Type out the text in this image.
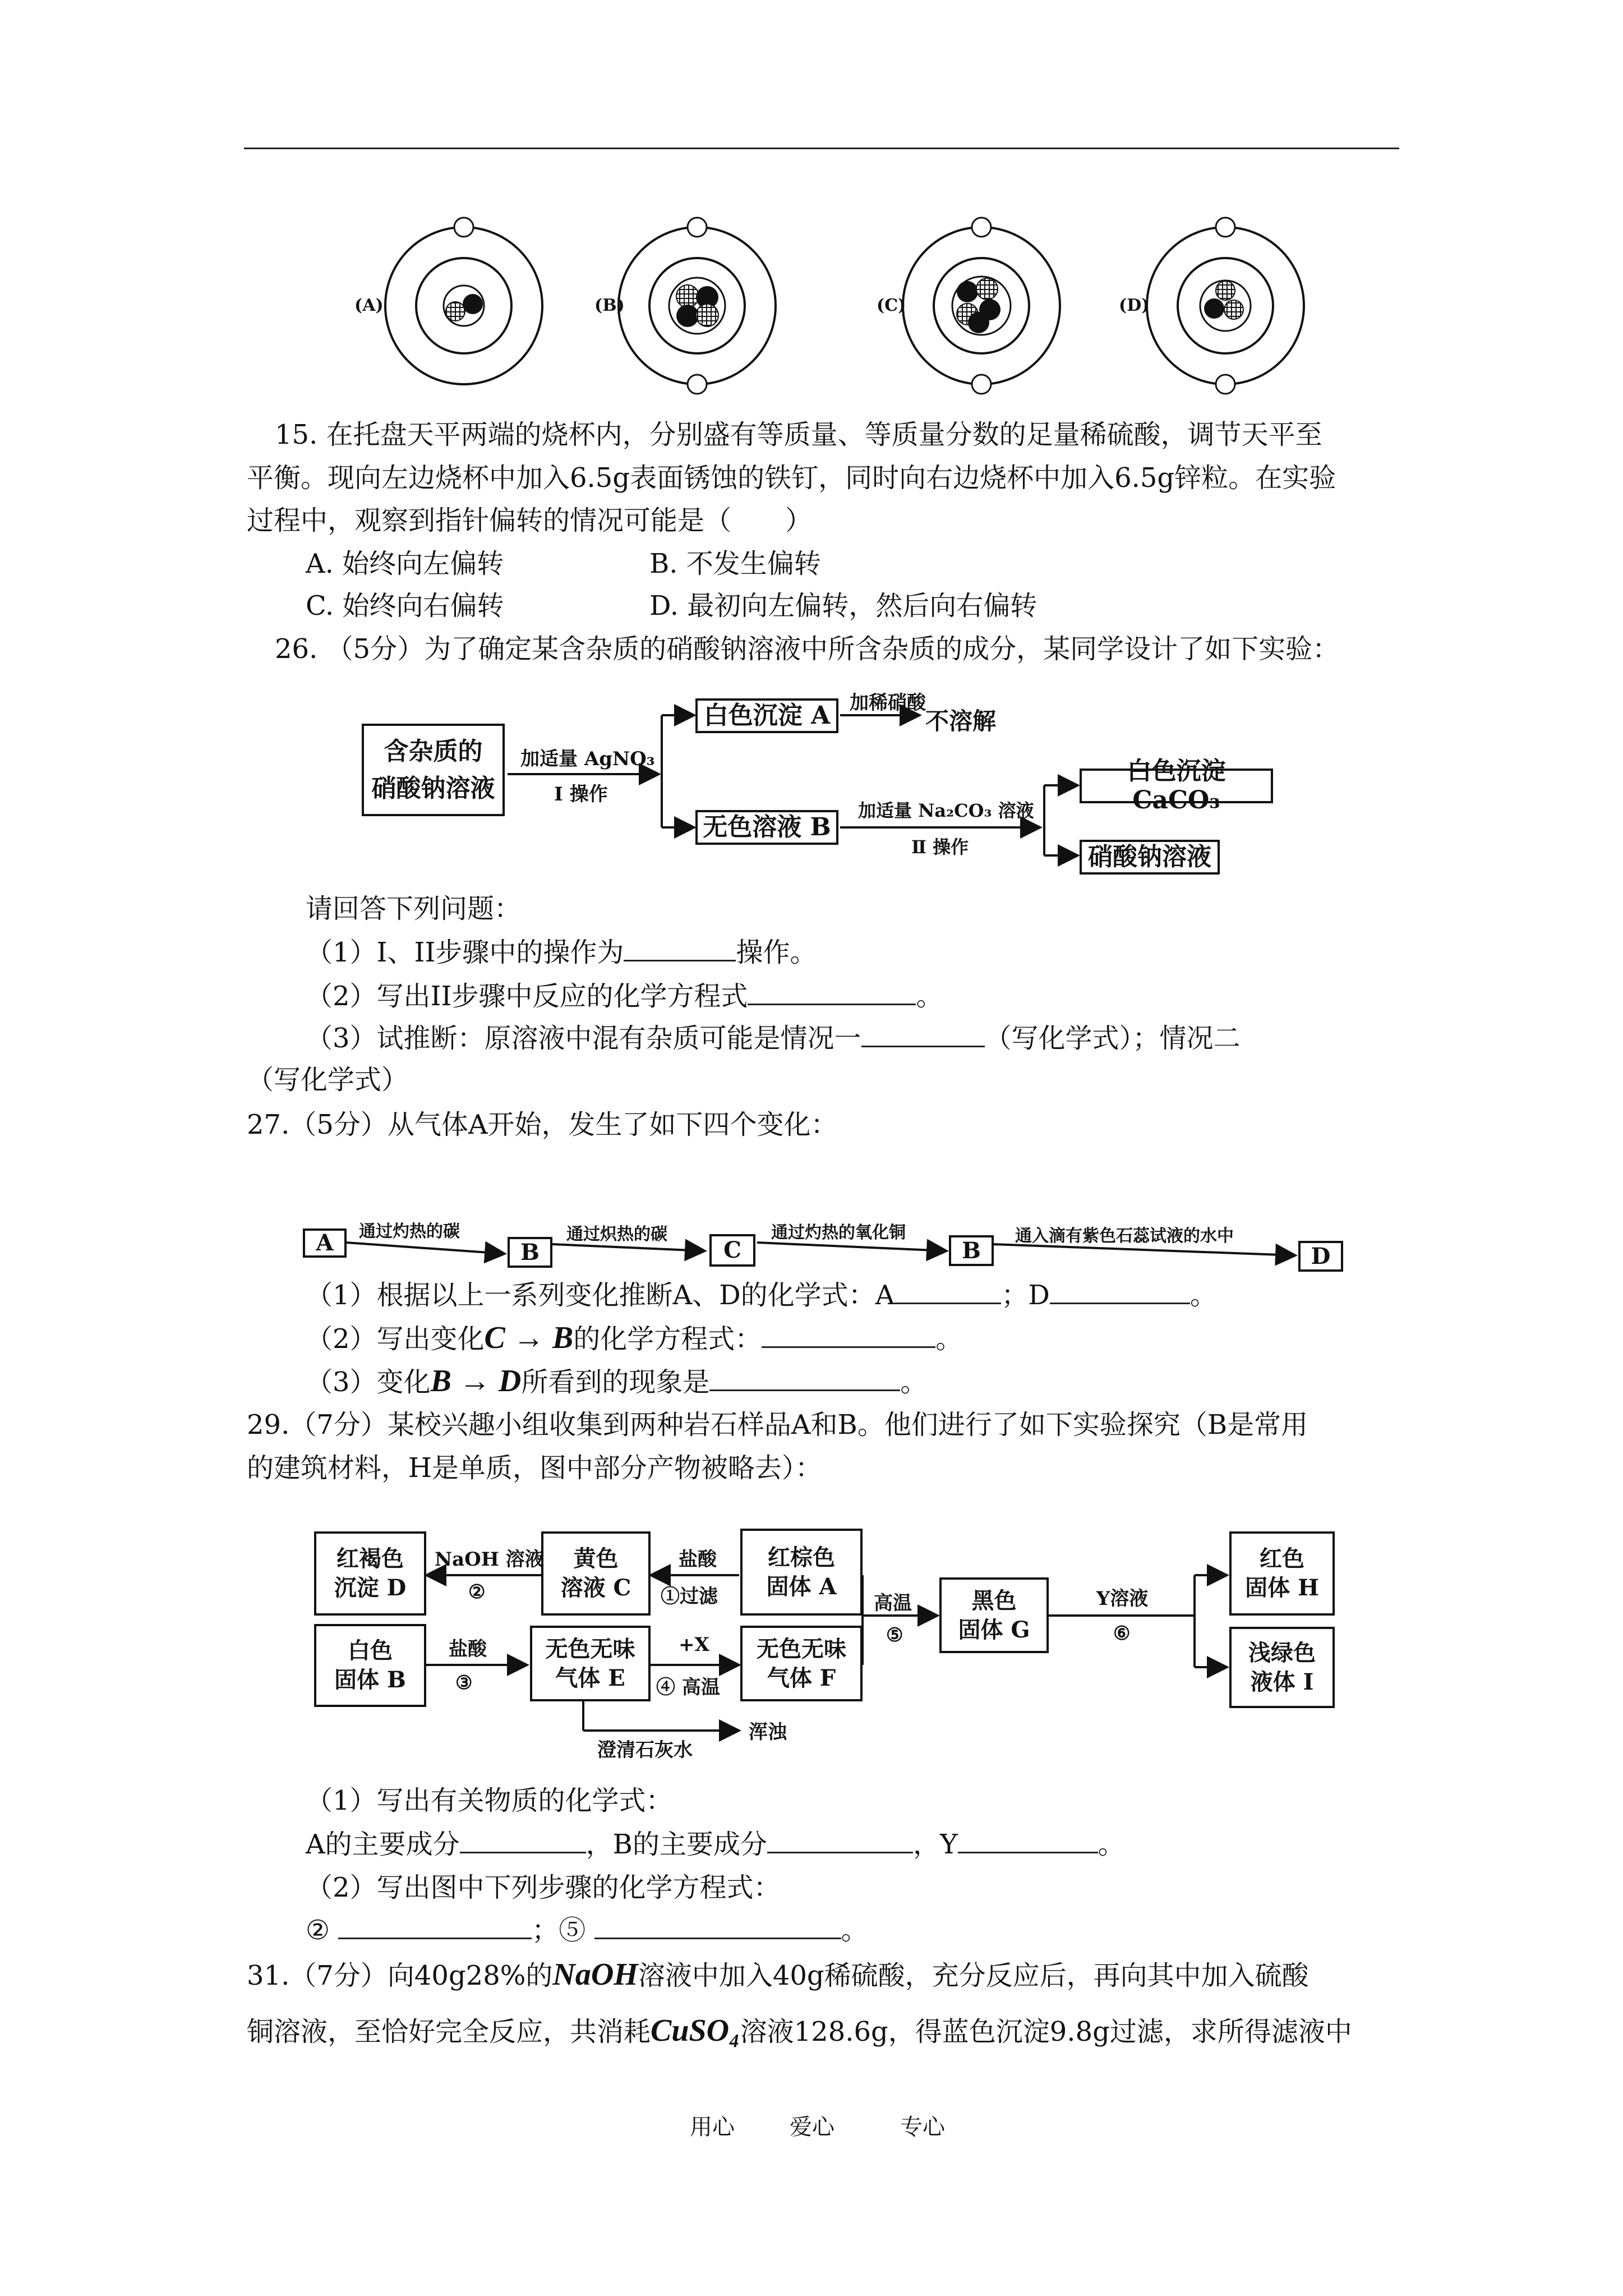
(A)	(B)	(C)	(D)
15. 在托盘天平两端的烧杯内，分别盛有等质量、等质量分数的足量稀硫酸，调节天平至
平衡。现向左边烧杯中加入6.5g表面锈蚀的铁钉，同时向右边烧杯中加入6.5g锌粒。在实验
过程中，观察到指针偏转的情况可能是（　　）
A. 始终向左偏转	B. 不发生偏转
C. 始终向右偏转	D. 最初向左偏转，然后向右偏转
26. （5分）为了确定某含杂质的硝酸钠溶液中所含杂质的成分，某同学设计了如下实验：
含杂质的
硝酸钠溶液
加适量 AgNO₃
I 操作
白色沉淀 A	加稀硝酸
不溶解
无色溶液 B
加适量 Na₂CO₃ 溶液
Ⅱ 操作
白色沉淀 CaCO₃
硝酸钠溶液
请回答下列问题：
（1）I、II步骤中的操作为	操作。
（2）写出II步骤中反应的化学方程式	。
（3）试推断：原溶液中混有杂质可能是情况一	（写化学式）；情况二
（写化学式）
27.（5分）从气体A开始，发生了如下四个变化：
A	B	C	B	D
通过灼热的碳	通过炽热的碳	通过灼热的氧化铜	通入滴有紫色石蕊试液的水中
（1）根据以上一系列变化推断A、D的化学式：A	；D	。
（2）写出变化C → B的化学方程式：	。
（3）变化B → D所看到的现象是	。
29.（7分）某校兴趣小组收集到两种岩石样品A和B。他们进行了如下实验探究（B是常用
的建筑材料，H是单质，图中部分产物被略去）：
红褐色
沉淀 D
黄色
溶液 C
红棕色
固体 A
白色
固体 B
无色无味
气体 E
无色无味
气体 F
黑色
固体 G
红色
固体 H
浅绿色
液体 I
NaOH 溶液
②
盐酸
①过滤
盐酸
③
+X
④ 高温
高温
⑤
Y溶液
⑥
澄清石灰水
浑浊
（1）写出有关物质的化学式：
A的主要成分	，B的主要成分	，Y	。
（2）写出图中下列步骤的化学方程式：
②	；⑤	。
31.（7分）向40g28%的NaOH溶液中加入40g稀硫酸，充分反应后，再向其中加入硫酸
铜溶液，至恰好完全反应，共消耗CuSO₄溶液128.6g，得蓝色沉淀9.8g过滤，求所得滤液中
用心 爱心	专心
